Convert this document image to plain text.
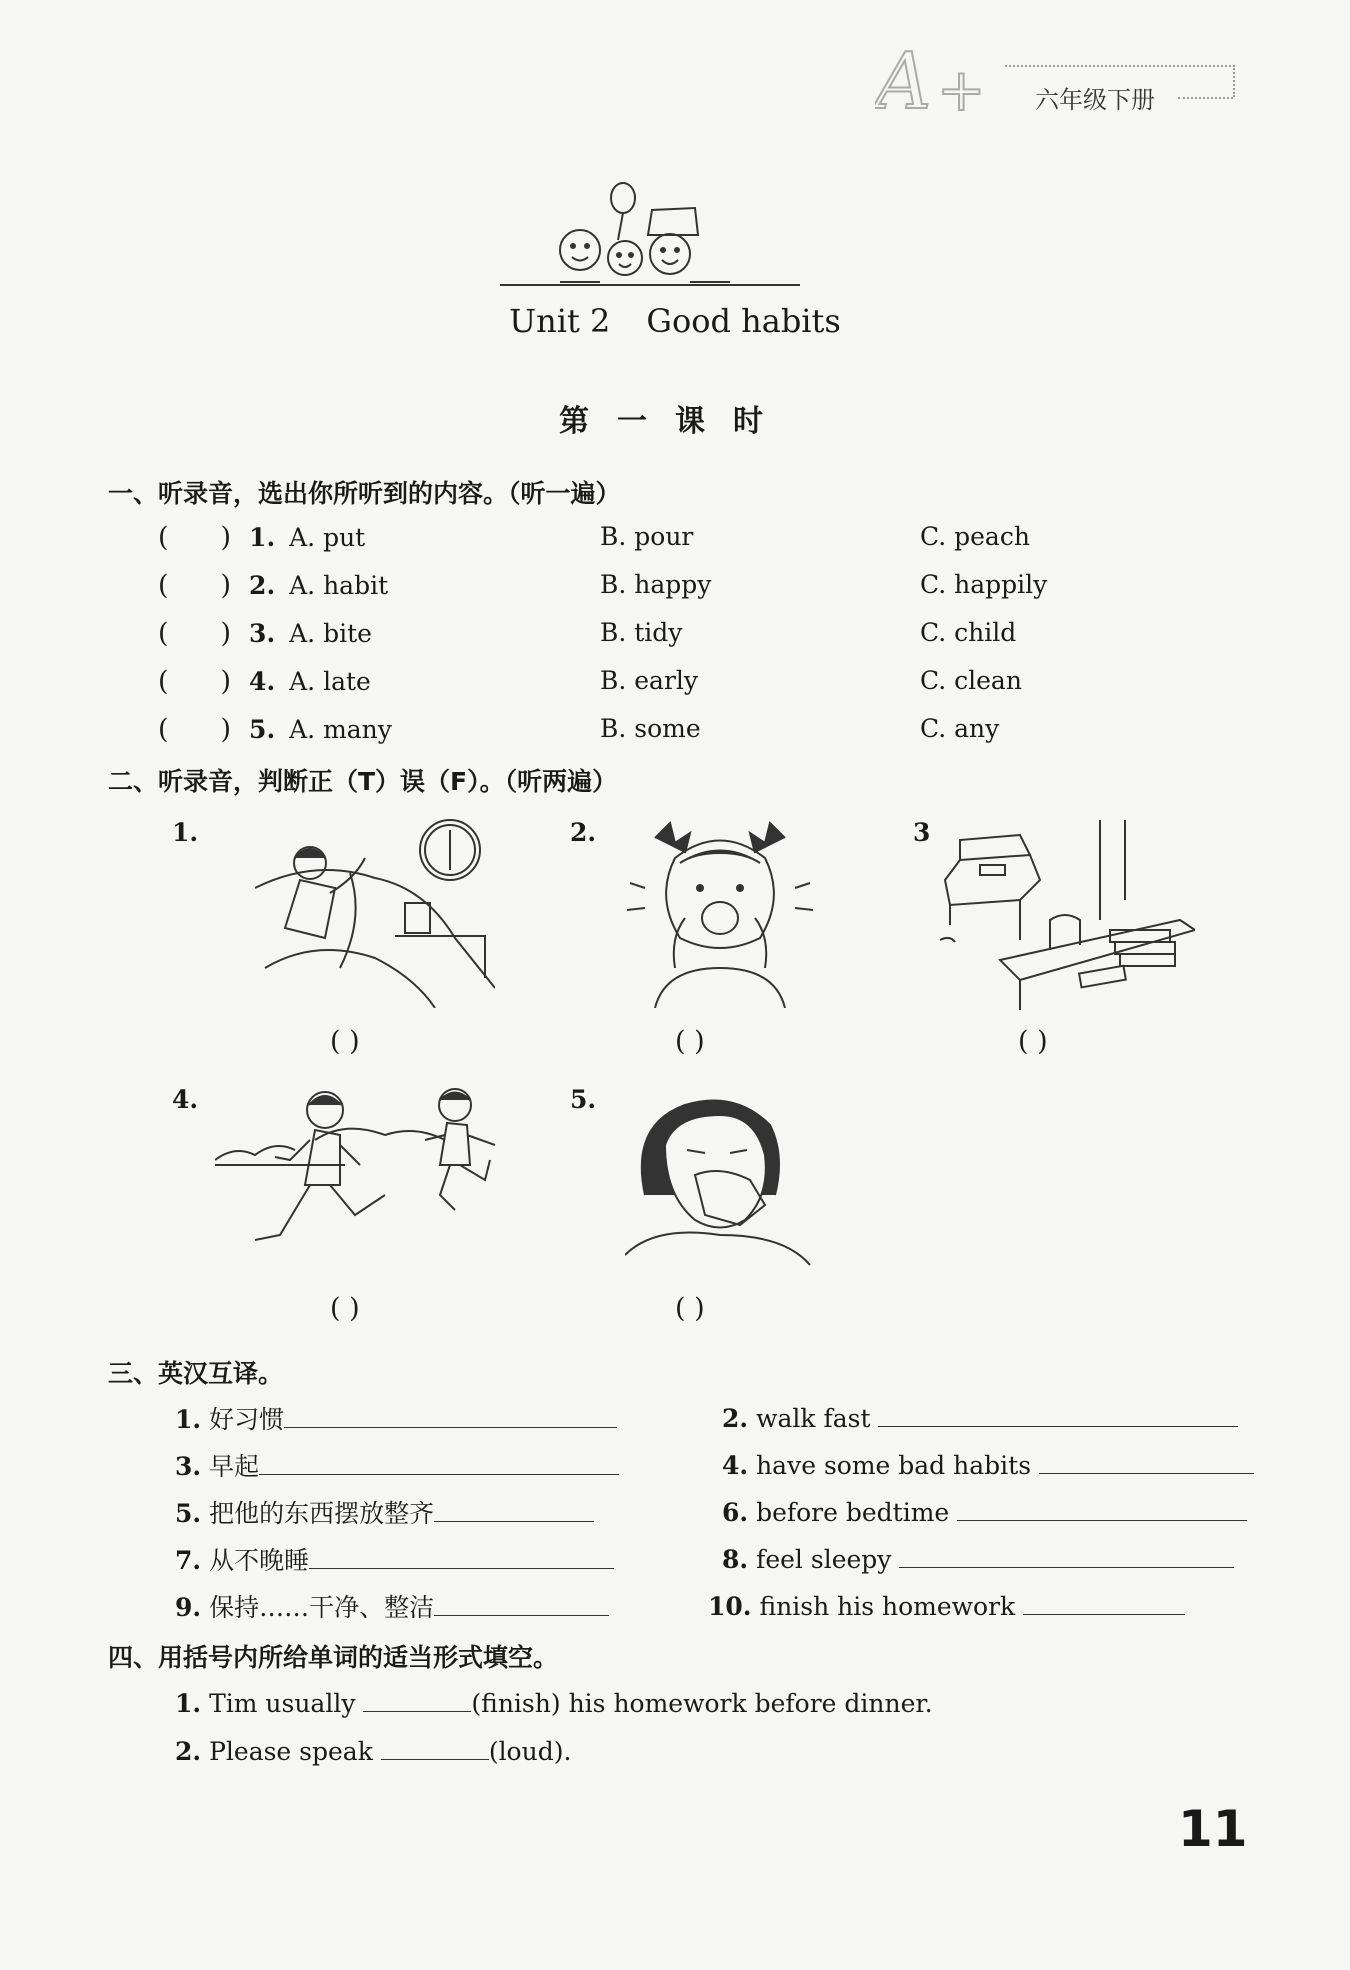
A + 六年级下册
Unit 2 Good habits
第一课时
一、听录音，选出你所听到的内容。（听一遍）
( ) 1. A. put	B. pour	C. peach
( ) 2. A. habit	B. happy	C. happily
( ) 3. A. bite	B. tidy	C. child
( ) 4. A. late	B. early	C. clean
( ) 5. A. many	B. some	C. any
二、听录音，判断正（T）误（F）。（听两遍）
1.
( )
2.
( )
3
( )
4.
( )
5.
( )
三、英汉互译。
1. 好习惯	2. walk fast
3. 早起	4. have some bad habits
5. 把他的东西摆放整齐	6. before bedtime
7. 从不晚睡	8. feel sleepy
9. 保持……干净、整洁	10. finish his homework
四、用括号内所给单词的适当形式填空。
1. Tim usually	(finish) his homework before dinner.
2. Please speak	(loud).
11
